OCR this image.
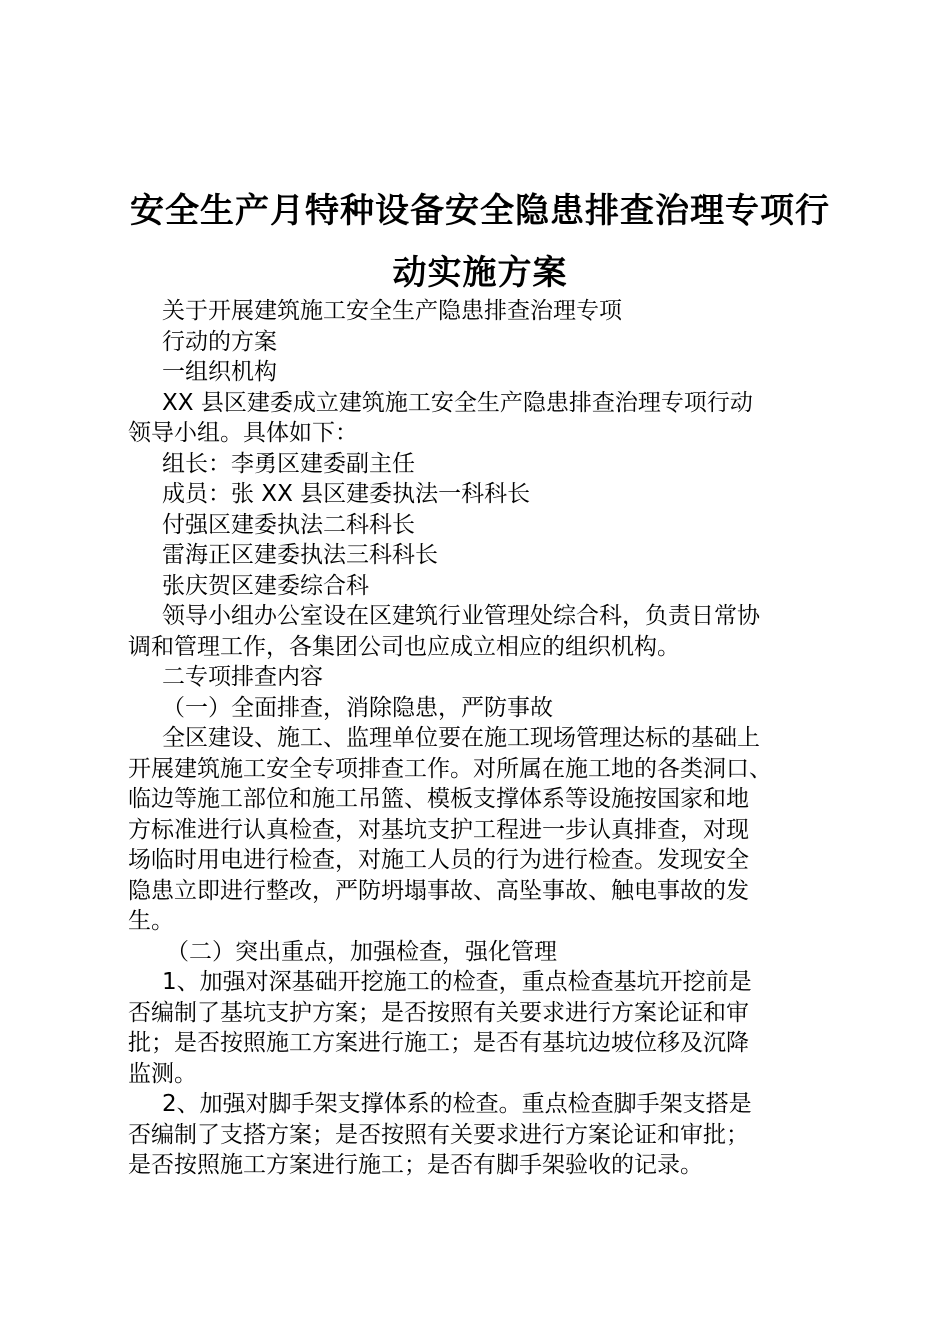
安全生产月特种设备安全隐患排查治理专项行
动实施方案
关于开展建筑施工安全生产隐患排查治理专项
行动的方案
一组织机构
XX 县区建委成立建筑施工安全生产隐患排查治理专项行动
领导小组。具体如下：
组长：李勇区建委副主任
成员：张 XX 县区建委执法一科科长
付强区建委执法二科科长
雷海正区建委执法三科科长
张庆贺区建委综合科
领导小组办公室设在区建筑行业管理处综合科，负责日常协
调和管理工作，各集团公司也应成立相应的组织机构。
二专项排查内容
（一）全面排查，消除隐患，严防事故
全区建设、施工、监理单位要在施工现场管理达标的基础上
开展建筑施工安全专项排查工作。对所属在施工地的各类洞口、
临边等施工部位和施工吊篮、模板支撑体系等设施按国家和地
方标准进行认真检查，对基坑支护工程进一步认真排查，对现
场临时用电进行检查，对施工人员的行为进行检查。发现安全
隐患立即进行整改，严防坍塌事故、高坠事故、触电事故的发
生。
（二）突出重点，加强检查，强化管理
1、加强对深基础开挖施工的检查，重点检查基坑开挖前是
否编制了基坑支护方案；是否按照有关要求进行方案论证和审
批；是否按照施工方案进行施工；是否有基坑边坡位移及沉降
监测。
2、加强对脚手架支撑体系的检查。重点检查脚手架支搭是
否编制了支搭方案；是否按照有关要求进行方案论证和审批；
是否按照施工方案进行施工；是否有脚手架验收的记录。
